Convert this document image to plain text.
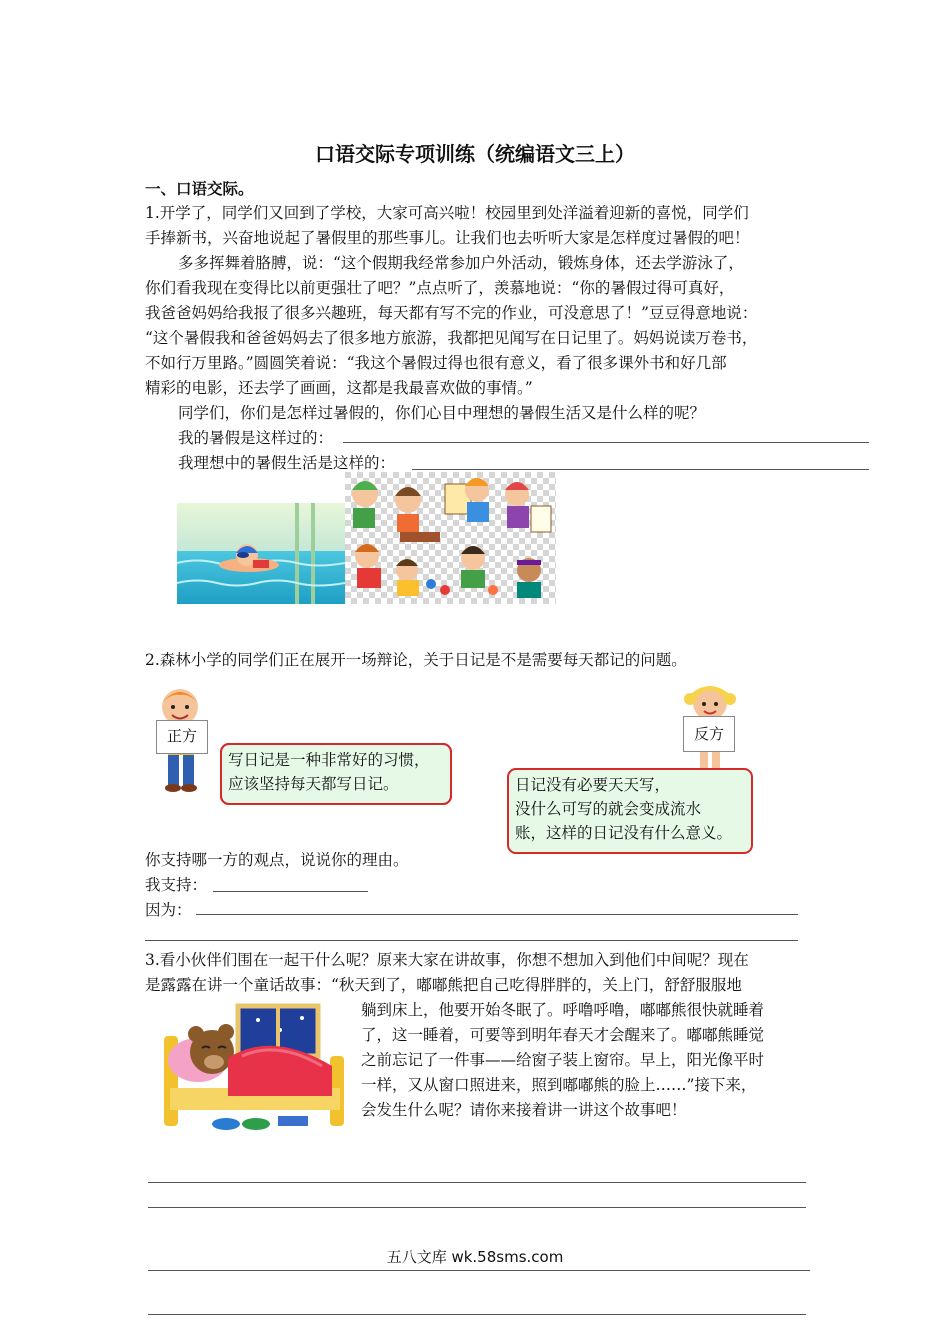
口语交际专项训练（统编语文三上）
一、口语交际。
1.开学了，同学们又回到了学校，大家可高兴啦！校园里到处洋溢着迎新的喜悦，同学们
手捧新书，兴奋地说起了暑假里的那些事儿。让我们也去听听大家是怎样度过暑假的吧！
多多挥舞着胳膊，说：“这个假期我经常参加户外活动，锻炼身体，还去学游泳了，
你们看我现在变得比以前更强壮了吧？”点点听了，羡慕地说：“你的暑假过得可真好，
我爸爸妈妈给我报了很多兴趣班，每天都有写不完的作业，可没意思了！”豆豆得意地说：
“这个暑假我和爸爸妈妈去了很多地方旅游，我都把见闻写在日记里了。妈妈说读万卷书，
不如行万里路。”圆圆笑着说：“我这个暑假过得也很有意义，看了很多课外书和好几部
精彩的电影，还去学了画画，这都是我最喜欢做的事情。”
同学们，你们是怎样过暑假的，你们心目中理想的暑假生活又是什么样的呢？
我的暑假是这样过的：
我理想中的暑假生活是这样的：
2.森林小学的同学们正在展开一场辩论，关于日记是不是需要每天都记的问题。
正方	反方
写日记是一种非常好的习惯，
应该坚持每天都写日记。	日记没有必要天天写，
没什么可写的就会变成流水
账，这样的日记没有什么意义。
你支持哪一方的观点，说说你的理由。
我支持：
因为：
3.看小伙伴们围在一起干什么呢？原来大家在讲故事，你想不想加入到他们中间呢？现在
是露露在讲一个童话故事：“秋天到了，嘟嘟熊把自己吃得胖胖的，关上门，舒舒服服地
躺到床上，他要开始冬眠了。呼噜呼噜，嘟嘟熊很快就睡着
了，这一睡着，可要等到明年春天才会醒来了。嘟嘟熊睡觉
之前忘记了一件事——给窗子装上窗帘。早上，阳光像平时
一样，又从窗口照进来，照到嘟嘟熊的脸上……”接下来，
会发生什么呢？请你来接着讲一讲这个故事吧！
五八文库 wk.58sms.com
